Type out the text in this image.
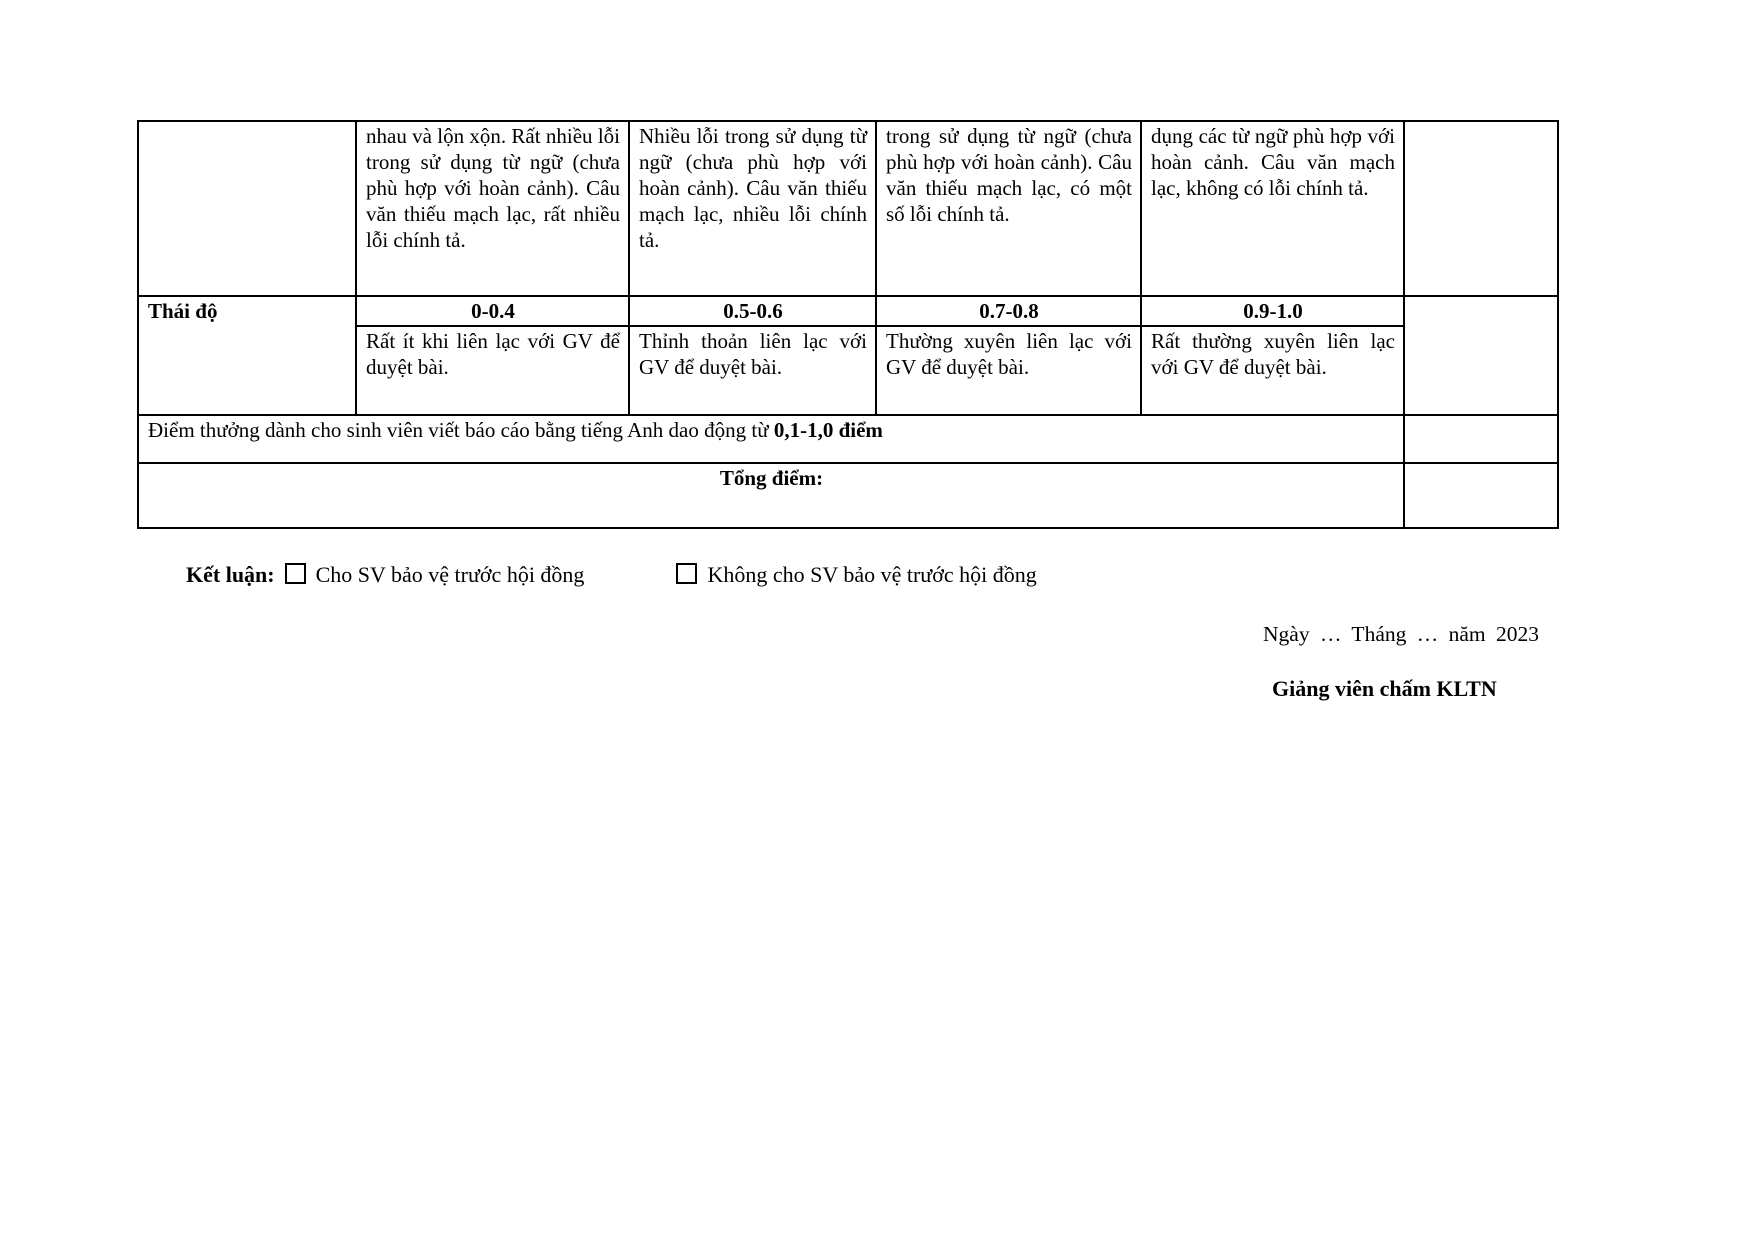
	nhau và lộn xộn. Rất nhiều lỗi trong sử dụng từ ngữ (chưa phù hợp với hoàn cảnh). Câu văn thiếu mạch lạc, rất nhiều lỗi chính tả.	Nhiều lỗi trong sử dụng từ ngữ (chưa phù hợp với hoàn cảnh). Câu văn thiếu mạch lạc, nhiều lỗi chính tả.	trong sử dụng từ ngữ (chưa phù hợp với hoàn cảnh). Câu văn thiếu mạch lạc, có một số lỗi chính tả.	dụng các từ ngữ phù hợp với hoàn cảnh. Câu văn mạch lạc, không có lỗi chính tả.	
Thái độ	0-0.4	0.5-0.6	0.7-0.8	0.9-1.0	
	Rất ít khi liên lạc với GV để duyệt bài.	Thỉnh thoản liên lạc với GV để duyệt bài.	Thường xuyên liên lạc với GV để duyệt bài.	Rất thường xuyên liên lạc với GV để duyệt bài.	
Điểm thưởng dành cho sinh viên viết báo cáo bằng tiếng Anh dao động từ 0,1-1,0 điểm					
Tổng điểm:					
Kết luận: Cho SV bảo vệ trước hội đồng	Không cho SV bảo vệ trước hội đồng
Ngày … Tháng … năm 2023
Giảng viên chấm KLTN
